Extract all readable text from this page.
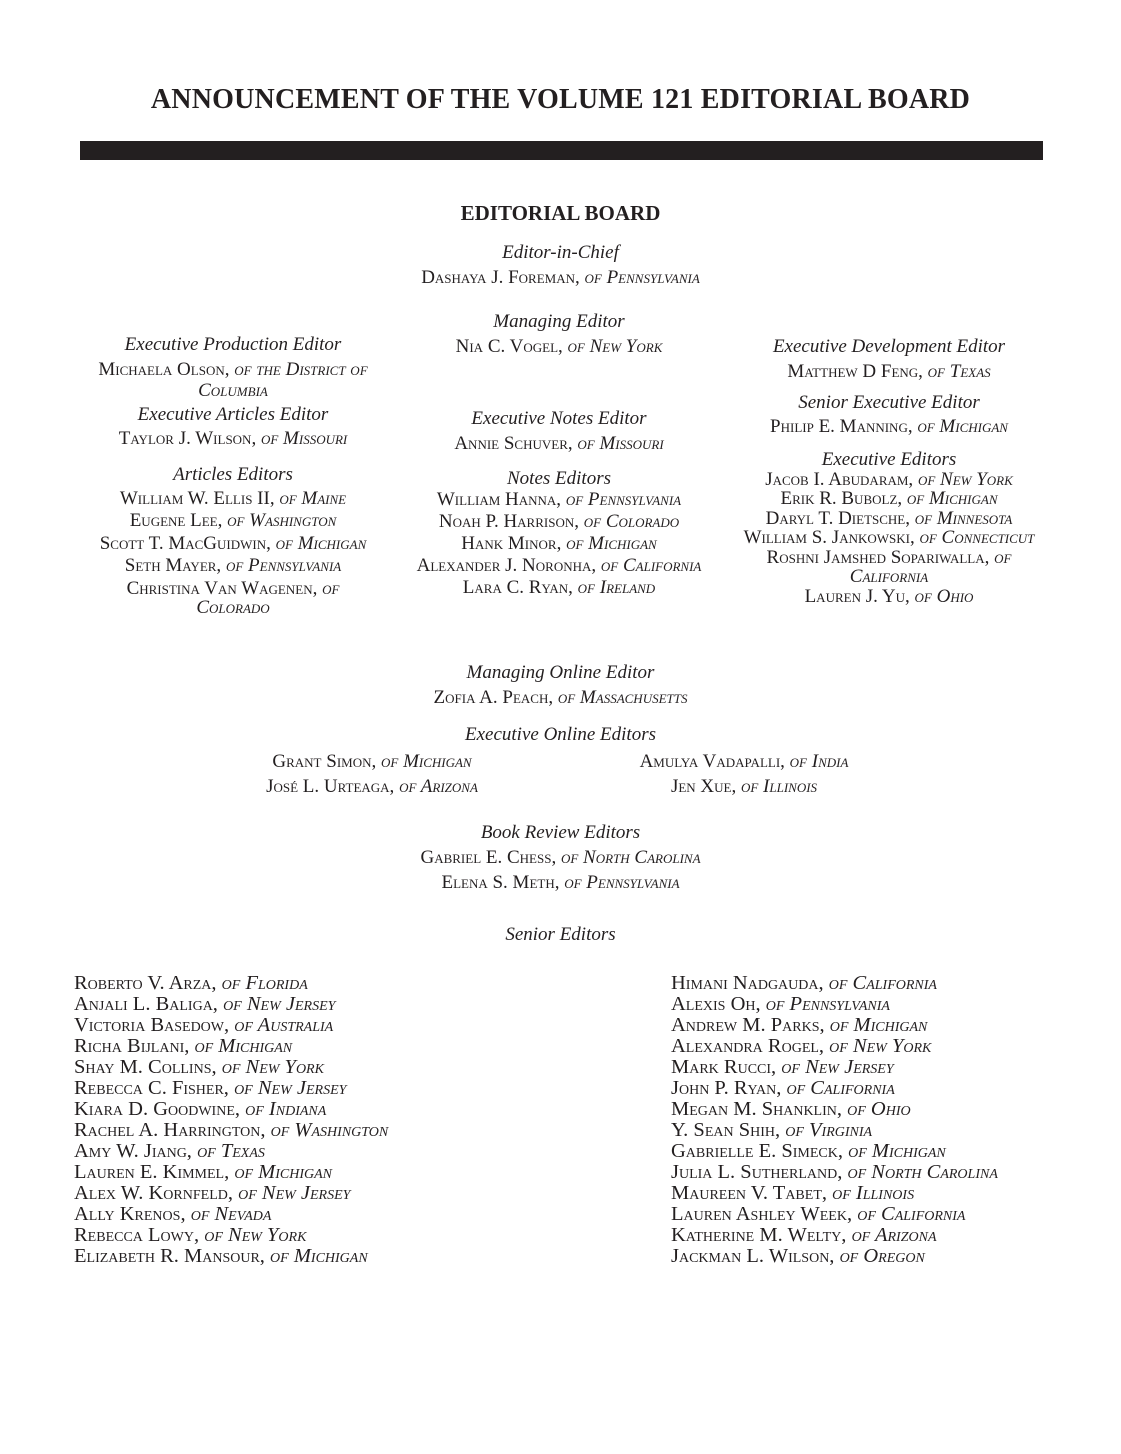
ANNOUNCEMENT OF THE VOLUME 121 EDITORIAL BOARD
EDITORIAL BOARD
Editor-in-Chief
Dashaya J. Foreman, of Pennsylvania
Managing Editor
Nia C. Vogel, of New York
Executive Production Editor
Michaela Olson, of the District of
Columbia
Executive Articles Editor
Taylor J. Wilson, of Missouri
Articles Editors
William W. Ellis II, of Maine
Eugene Lee, of Washington
Scott T. MacGuidwin, of Michigan
Seth Mayer, of Pennsylvania
Christina Van Wagenen, of
Colorado
Executive Notes Editor
Annie Schuver, of Missouri
Notes Editors
William Hanna, of Pennsylvania
Noah P. Harrison, of Colorado
Hank Minor, of Michigan
Alexander J. Noronha, of California
Lara C. Ryan, of Ireland
Executive Development Editor
Matthew D Feng, of Texas
Senior Executive Editor
Philip E. Manning, of Michigan
Executive Editors
Jacob I. Abudaram, of New York
Erik R. Bubolz, of Michigan
Daryl T. Dietsche, of Minnesota
William S. Jankowski, of Connecticut
Roshni Jamshed Sopariwalla, of
California
Lauren J. Yu, of Ohio
Managing Online Editor
Zofia A. Peach, of Massachusetts
Executive Online Editors
Grant Simon, of Michigan
José L. Urteaga, of Arizona
Amulya Vadapalli, of India
Jen Xue, of Illinois
Book Review Editors
Gabriel E. Chess, of North Carolina
Elena S. Meth, of Pennsylvania
Senior Editors
Roberto V. Arza, of Florida
Anjali L. Baliga, of New Jersey
Victoria Basedow, of Australia
Richa Bijlani, of Michigan
Shay M. Collins, of New York
Rebecca C. Fisher, of New Jersey
Kiara D. Goodwine, of Indiana
Rachel A. Harrington, of Washington
Amy W. Jiang, of Texas
Lauren E. Kimmel, of Michigan
Alex W. Kornfeld, of New Jersey
Ally Krenos, of Nevada
Rebecca Lowy, of New York
Elizabeth R. Mansour, of Michigan
Himani Nadgauda, of California
Alexis Oh, of Pennsylvania
Andrew M. Parks, of Michigan
Alexandra Rogel, of New York
Mark Rucci, of New Jersey
John P. Ryan, of California
Megan M. Shanklin, of Ohio
Y. Sean Shih, of Virginia
Gabrielle E. Simeck, of Michigan
Julia L. Sutherland, of North Carolina
Maureen V. Tabet, of Illinois
Lauren Ashley Week, of California
Katherine M. Welty, of Arizona
Jackman L. Wilson, of Oregon
